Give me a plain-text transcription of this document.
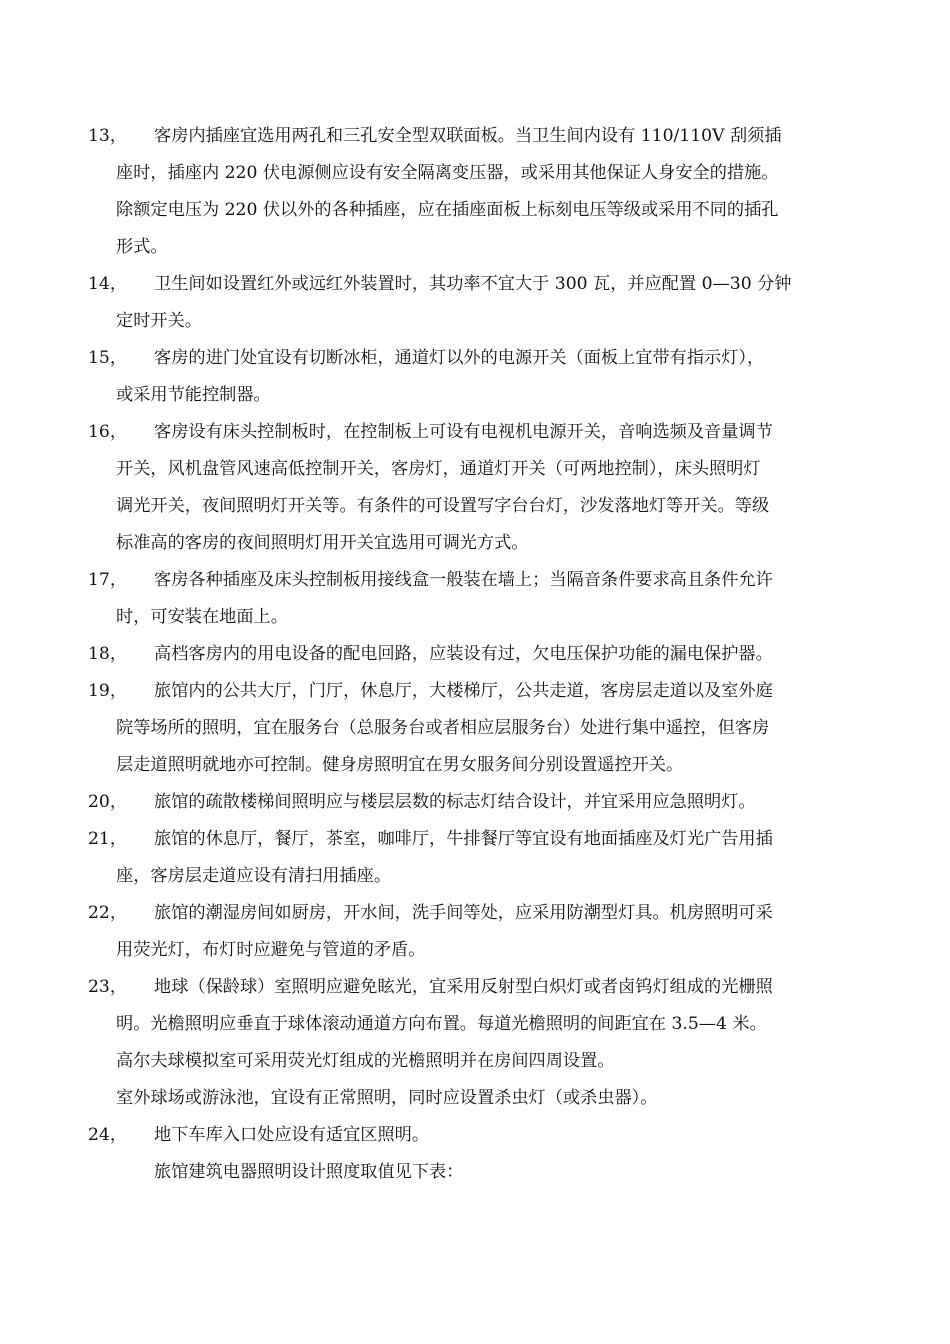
13，	客房内插座宜选用两孔和三孔安全型双联面板。当卫生间内设有 110/110V 刮须插
座时，插座内 220 伏电源侧应设有安全隔离变压器，或采用其他保证人身安全的措施。
除额定电压为 220 伏以外的各种插座，应在插座面板上标刻电压等级或采用不同的插孔
形式。
14，	卫生间如设置红外或远红外装置时，其功率不宜大于 300 瓦，并应配置 0—30 分钟
定时开关。
15，	客房的进门处宜设有切断冰柜，通道灯以外的电源开关（面板上宜带有指示灯），
或采用节能控制器。
16，	客房设有床头控制板时，在控制板上可设有电视机电源开关，音响选频及音量调节
开关，风机盘管风速高低控制开关，客房灯，通道灯开关（可两地控制），床头照明灯
调光开关，夜间照明灯开关等。有条件的可设置写字台台灯，沙发落地灯等开关。等级
标准高的客房的夜间照明灯用开关宜选用可调光方式。
17，	客房各种插座及床头控制板用接线盒一般装在墙上；当隔音条件要求高且条件允许
时，可安装在地面上。
18，	高档客房内的用电设备的配电回路，应装设有过，欠电压保护功能的漏电保护器。
19，	旅馆内的公共大厅，门厅，休息厅，大楼梯厅，公共走道，客房层走道以及室外庭
院等场所的照明，宜在服务台（总服务台或者相应层服务台）处进行集中遥控，但客房
层走道照明就地亦可控制。健身房照明宜在男女服务间分别设置遥控开关。
20，	旅馆的疏散楼梯间照明应与楼层层数的标志灯结合设计，并宜采用应急照明灯。
21，	旅馆的休息厅，餐厅，茶室，咖啡厅，牛排餐厅等宜设有地面插座及灯光广告用插
座，客房层走道应设有清扫用插座。
22，	旅馆的潮湿房间如厨房，开水间，洗手间等处，应采用防潮型灯具。机房照明可采
用荧光灯，布灯时应避免与管道的矛盾。
23，	地球（保龄球）室照明应避免眩光，宜采用反射型白炽灯或者卤钨灯组成的光栅照
明。光檐照明应垂直于球体滚动通道方向布置。每道光檐照明的间距宜在 3.5—4 米。
高尔夫球模拟室可采用荧光灯组成的光檐照明并在房间四周设置。
室外球场或游泳池，宜设有正常照明，同时应设置杀虫灯（或杀虫器）。
24，	地下车库入口处应设有适宜区照明。
旅馆建筑电器照明设计照度取值见下表：
